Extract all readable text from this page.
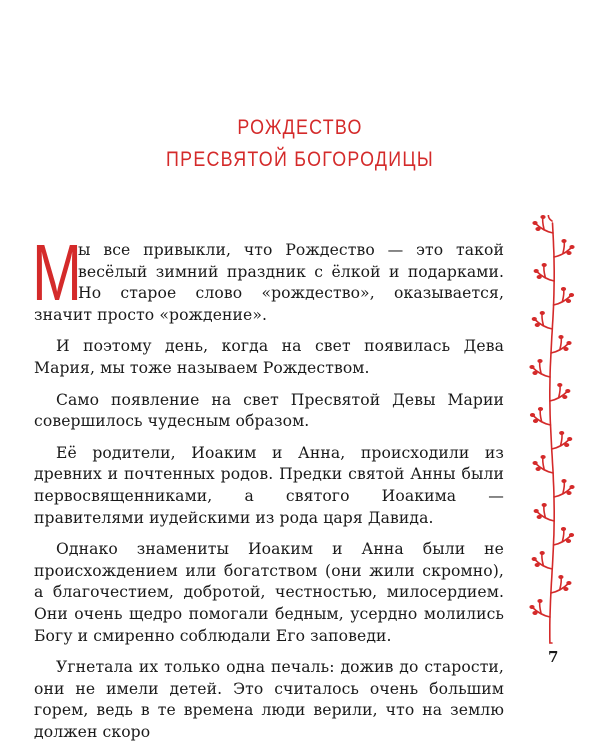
РОЖДЕСТВО
ПРЕСВЯТОЙ БОГОРОДИЦЫ

М
ы все привыкли, что Рождество — это такой весёлый зимний праздник с ёлкой и подарками. Но старое слово «рождество», оказывается, значит просто «рождение».

И поэтому день, когда на свет появилась Дева Мария, мы тоже называем Рождеством.

Само появление на свет Пресвятой Девы Марии совершилось чудесным образом.

Её родители, Иоаким и Анна, происходили из древних и почтенных родов. Предки святой Анны были первосвященниками, а святого Иоакима — правителями иудейскими из рода царя Давида.

Однако знамениты Иоаким и Анна были не происхождением или богатством (они жили скромно), а благочестием, добротой, честностью, милосердием. Они очень щедро помогали бедным, усердно молились Богу и смиренно соблюдали Его заповеди.

Угнетала их только одна печаль: дожив до старости, они не имели детей. Это считалось очень большим горем, ведь в те времена люди верили, что на землю должен скоро

7
